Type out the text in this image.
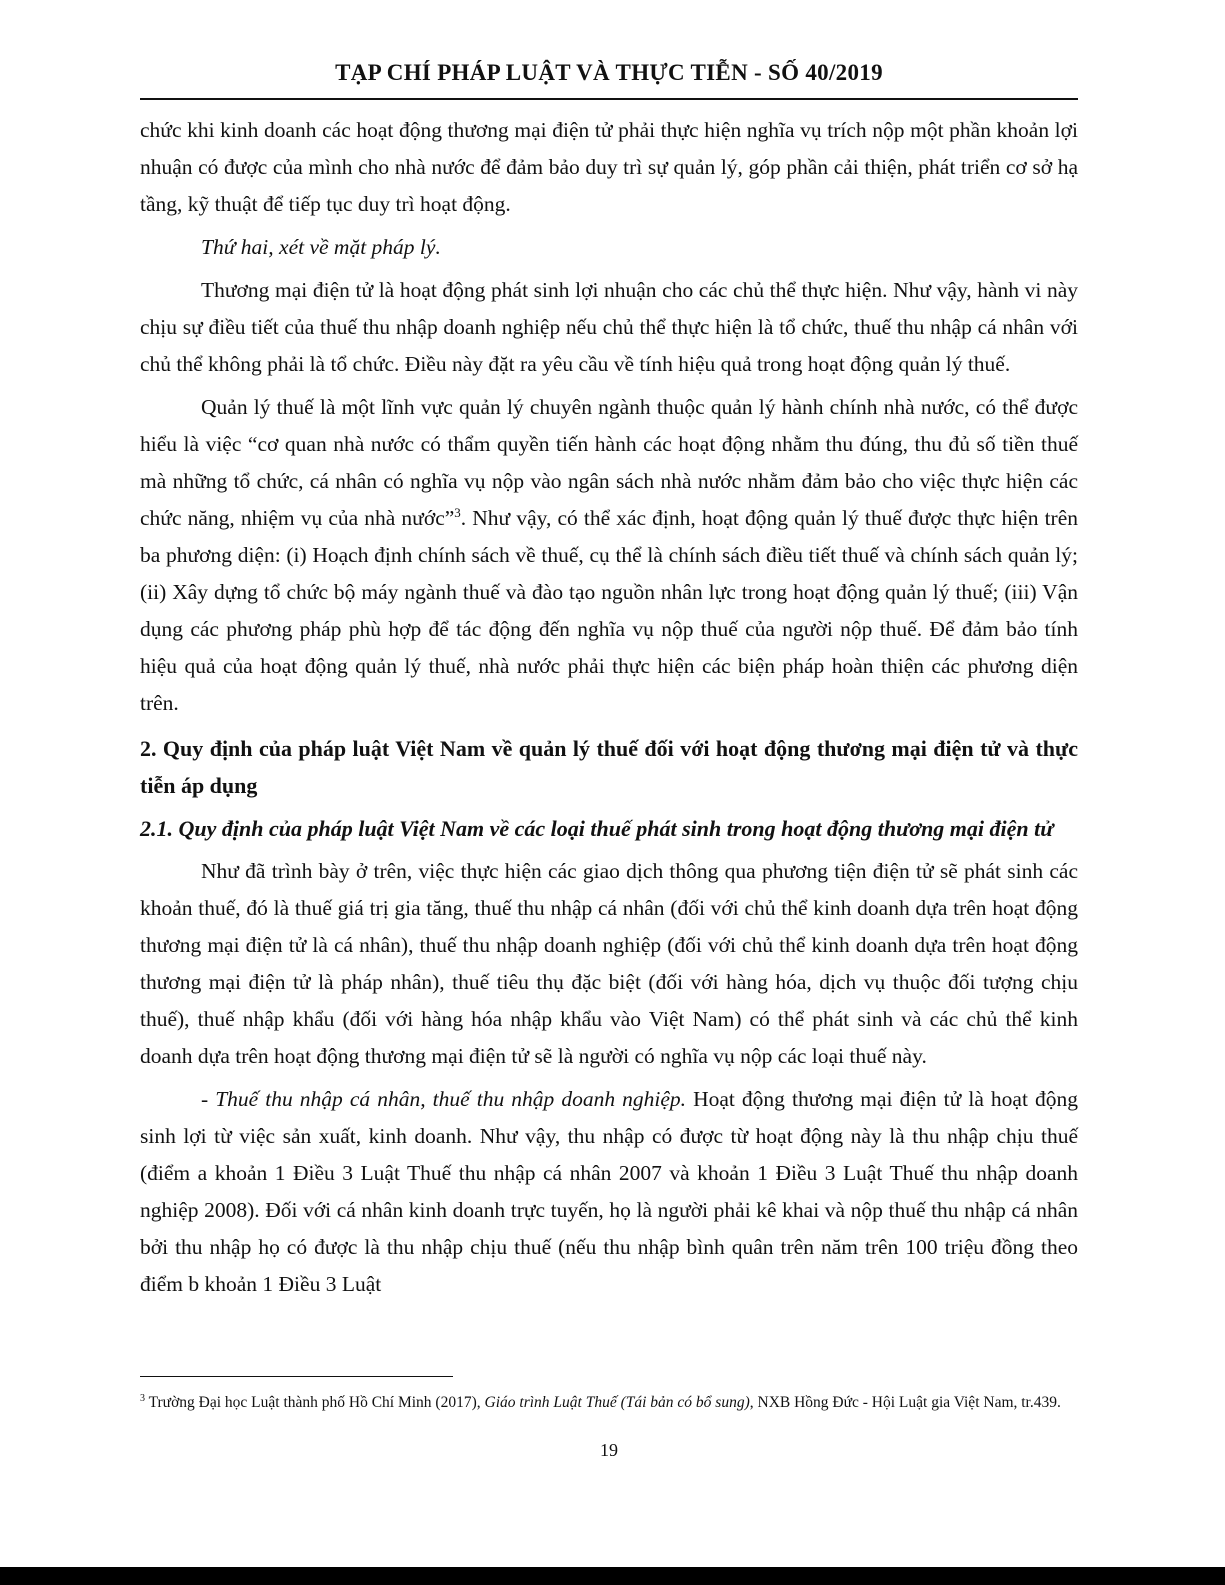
TẠP CHÍ PHÁP LUẬT VÀ THỰC TIỄN - SỐ 40/2019

chức khi kinh doanh các hoạt động thương mại điện tử phải thực hiện nghĩa vụ trích nộp một phần khoản lợi nhuận có được của mình cho nhà nước để đảm bảo duy trì sự quản lý, góp phần cải thiện, phát triển cơ sở hạ tầng, kỹ thuật để tiếp tục duy trì hoạt động.

Thứ hai, xét về mặt pháp lý.

Thương mại điện tử là hoạt động phát sinh lợi nhuận cho các chủ thể thực hiện. Như vậy, hành vi này chịu sự điều tiết của thuế thu nhập doanh nghiệp nếu chủ thể thực hiện là tổ chức, thuế thu nhập cá nhân với chủ thể không phải là tổ chức. Điều này đặt ra yêu cầu về tính hiệu quả trong hoạt động quản lý thuế.

Quản lý thuế là một lĩnh vực quản lý chuyên ngành thuộc quản lý hành chính nhà nước, có thể được hiểu là việc “cơ quan nhà nước có thẩm quyền tiến hành các hoạt động nhằm thu đúng, thu đủ số tiền thuế mà những tổ chức, cá nhân có nghĩa vụ nộp vào ngân sách nhà nước nhằm đảm bảo cho việc thực hiện các chức năng, nhiệm vụ của nhà nước”$^3$. Như vậy, có thể xác định, hoạt động quản lý thuế được thực hiện trên ba phương diện: (i) Hoạch định chính sách về thuế, cụ thể là chính sách điều tiết thuế và chính sách quản lý; (ii) Xây dựng tổ chức bộ máy ngành thuế và đào tạo nguồn nhân lực trong hoạt động quản lý thuế; (iii) Vận dụng các phương pháp phù hợp để tác động đến nghĩa vụ nộp thuế của người nộp thuế. Để đảm bảo tính hiệu quả của hoạt động quản lý thuế, nhà nước phải thực hiện các biện pháp hoàn thiện các phương diện trên.

2. Quy định của pháp luật Việt Nam về quản lý thuế đối với hoạt động thương mại điện tử và thực tiễn áp dụng

2.1. Quy định của pháp luật Việt Nam về các loại thuế phát sinh trong hoạt động thương mại điện tử

Như đã trình bày ở trên, việc thực hiện các giao dịch thông qua phương tiện điện tử sẽ phát sinh các khoản thuế, đó là thuế giá trị gia tăng, thuế thu nhập cá nhân (đối với chủ thể kinh doanh dựa trên hoạt động thương mại điện tử là cá nhân), thuế thu nhập doanh nghiệp (đối với chủ thể kinh doanh dựa trên hoạt động thương mại điện tử là pháp nhân), thuế tiêu thụ đặc biệt (đối với hàng hóa, dịch vụ thuộc đối tượng chịu thuế), thuế nhập khẩu (đối với hàng hóa nhập khẩu vào Việt Nam) có thể phát sinh và các chủ thể kinh doanh dựa trên hoạt động thương mại điện tử sẽ là người có nghĩa vụ nộp các loại thuế này.

- Thuế thu nhập cá nhân, thuế thu nhập doanh nghiệp. Hoạt động thương mại điện tử là hoạt động sinh lợi từ việc sản xuất, kinh doanh. Như vậy, thu nhập có được từ hoạt động này là thu nhập chịu thuế (điểm a khoản 1 Điều 3 Luật Thuế thu nhập cá nhân 2007 và khoản 1 Điều 3 Luật Thuế thu nhập doanh nghiệp 2008). Đối với cá nhân kinh doanh trực tuyến, họ là người phải kê khai và nộp thuế thu nhập cá nhân bởi thu nhập họ có được là thu nhập chịu thuế (nếu thu nhập bình quân trên năm trên 100 triệu đồng theo điểm b khoản 1 Điều 3 Luật

$^3$ Trường Đại học Luật thành phố Hồ Chí Minh (2017), Giáo trình Luật Thuế (Tái bản có bổ sung), NXB Hồng Đức - Hội Luật gia Việt Nam, tr.439.
19
